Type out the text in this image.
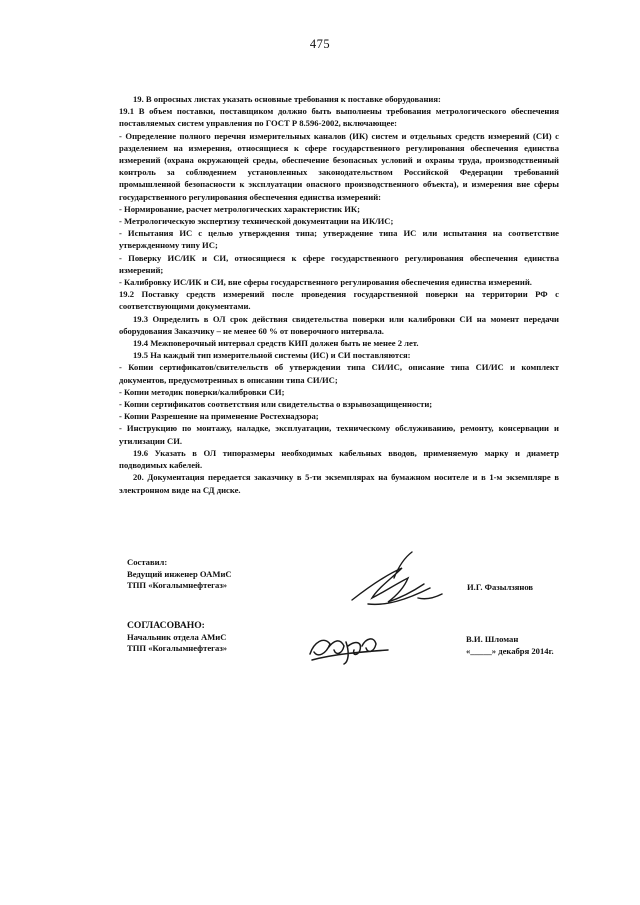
475

19. В опросных листах указать основные требования к поставке оборудования:

19.1 В объем поставки, поставщиком должно быть выполнены требования метрологического обеспечения поставляемых систем управления по ГОСТ Р 8.596-2002, включающее:

- Определение полного перечня измерительных каналов (ИК) систем и отдельных средств измерений (СИ) с разделением на измерения, относящиеся к сфере государственного регулирования обеспечения единства измерений (охрана окружающей среды, обеспечение безопасных условий и охраны труда, производственный контроль за соблюдением установленных законодательством Российской Федерации требований промышленной безопасности к эксплуатации опасного производственного объекта), и измерения вне сферы государственного регулирования обеспечения единства измерений:

- Нормирование, расчет метрологических характеристик ИК;

- Метрологическую экспертизу технической документации на ИК/ИС;

- Испытания ИС с целью утверждения типа; утверждение типа ИС или испытания на соответствие утвержденному типу ИС;

- Поверку ИС/ИК и СИ, относящиеся к сфере государственного регулирования обеспечения единства измерений;

- Калибровку ИС/ИК и СИ, вне сферы государственного регулирования обеспечения единства измерений.

19.2 Поставку средств измерений после проведения государственной поверки на территории РФ с соответствующими документами.

19.3 Определить в ОЛ срок действия свидетельства поверки или калибровки СИ на момент передачи оборудования Заказчику – не менее 60 % от поверочного интервала.

19.4 Межповерочный интервал средств КИП должен быть не менее 2 лет.

19.5 На каждый тип измерительной системы (ИС) и СИ поставляются:

- Копии сертификатов/свителельств об утверждении типа СИ/ИС, описание типа СИ/ИС и комплект документов, предусмотренных в описании типа СИ/ИС;

- Копии методик поверки/калибровки СИ;

- Копии сертификатов соответствия или свидетельства о взрывозащищенности;

- Копии Разрешение на применение Ростехнадзора;

- Инструкцию по монтажу, наладке, эксплуатации, техническому обслуживанию, ремонту, консервации и утилизации СИ.

19.6 Указать в ОЛ типоразмеры необходимых кабельных вводов, применяемую марку и диаметр подводимых кабелей.

20. Документация передается заказчику в 5-ти экземплярах на бумажном носителе и в 1-м экземпляре в электронном виде на СД диске.

Составил:

Ведущий инженер ОАМиС

ТПП «Когалымнефтегаз»	И.Г. Фазылзянов

СОГЛАСОВАНО:

Начальник отдела АМиС

ТПП «Когалымнефтегаз»

В.И. Шломан

«_____» декабря 2014г.
